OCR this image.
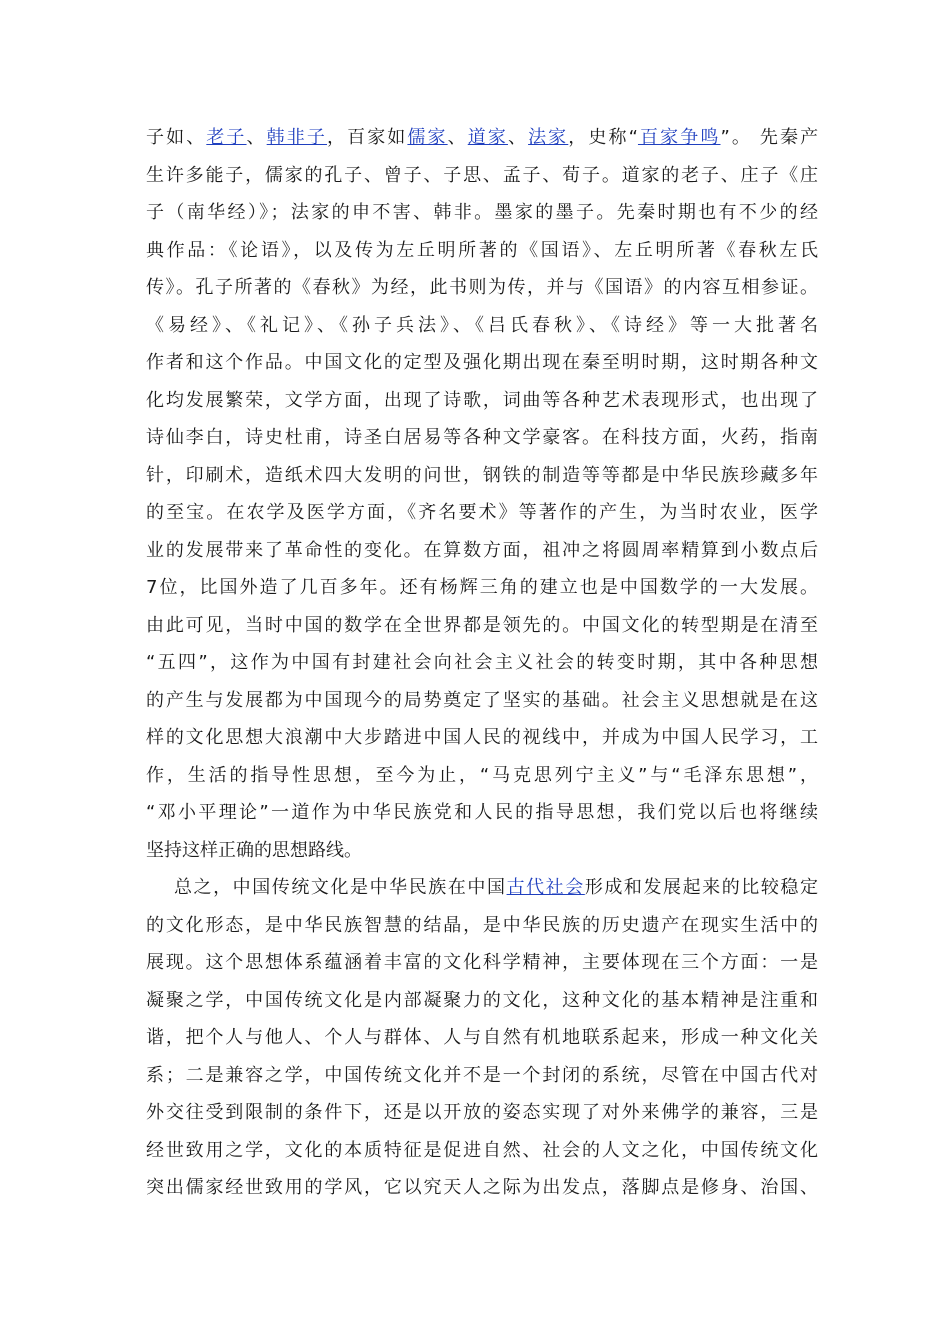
子如、老子、韩非子，百家如儒家、道家、法家，史称“百家争鸣”。 先秦产
生许多能子，儒家的孔子、曾子、子思、孟子、荀子。道家的老子、庄子《庄
子（南华经）》；法家的申不害、韩非。墨家的墨子。先秦时期也有不少的经
典作品：《论语》，以及传为左丘明所著的《国语》、左丘明所著《春秋左氏
传》。孔子所著的《春秋》为经，此书则为传，并与《国语》的内容互相参证。
《易经》、《礼记》、《孙子兵法》、《吕氏春秋》、《诗经》等一大批著名
作者和这个作品。中国文化的定型及强化期出现在秦至明时期，这时期各种文
化均发展繁荣，文学方面，出现了诗歌，词曲等各种艺术表现形式，也出现了
诗仙李白，诗史杜甫，诗圣白居易等各种文学豪客。在科技方面，火药，指南
针，印刷术，造纸术四大发明的问世，钢铁的制造等等都是中华民族珍藏多年
的至宝。在农学及医学方面，《齐名要术》等著作的产生，为当时农业，医学
业的发展带来了革命性的变化。在算数方面，祖冲之将圆周率精算到小数点后
7位，比国外造了几百多年。还有杨辉三角的建立也是中国数学的一大发展。
由此可见，当时中国的数学在全世界都是领先的。中国文化的转型期是在清至
“五四”，这作为中国有封建社会向社会主义社会的转变时期，其中各种思想
的产生与发展都为中国现今的局势奠定了坚实的基础。社会主义思想就是在这
样的文化思想大浪潮中大步踏进中国人民的视线中，并成为中国人民学习，工
作，生活的指导性思想，至今为止，“马克思列宁主义”与“毛泽东思想”，
“邓小平理论”一道作为中华民族党和人民的指导思想，我们党以后也将继续
坚持这样正确的思想路线。
总之，中国传统文化是中华民族在中国古代社会形成和发展起来的比较稳定
的文化形态，是中华民族智慧的结晶，是中华民族的历史遗产在现实生活中的
展现。这个思想体系蕴涵着丰富的文化科学精神，主要体现在三个方面：一是
凝聚之学，中国传统文化是内部凝聚力的文化，这种文化的基本精神是注重和
谐，把个人与他人、个人与群体、人与自然有机地联系起来，形成一种文化关
系；二是兼容之学，中国传统文化并不是一个封闭的系统，尽管在中国古代对
外交往受到限制的条件下，还是以开放的姿态实现了对外来佛学的兼容，三是
经世致用之学，文化的本质特征是促进自然、社会的人文之化，中国传统文化
突出儒家经世致用的学风，它以究天人之际为出发点，落脚点是修身、治国、
